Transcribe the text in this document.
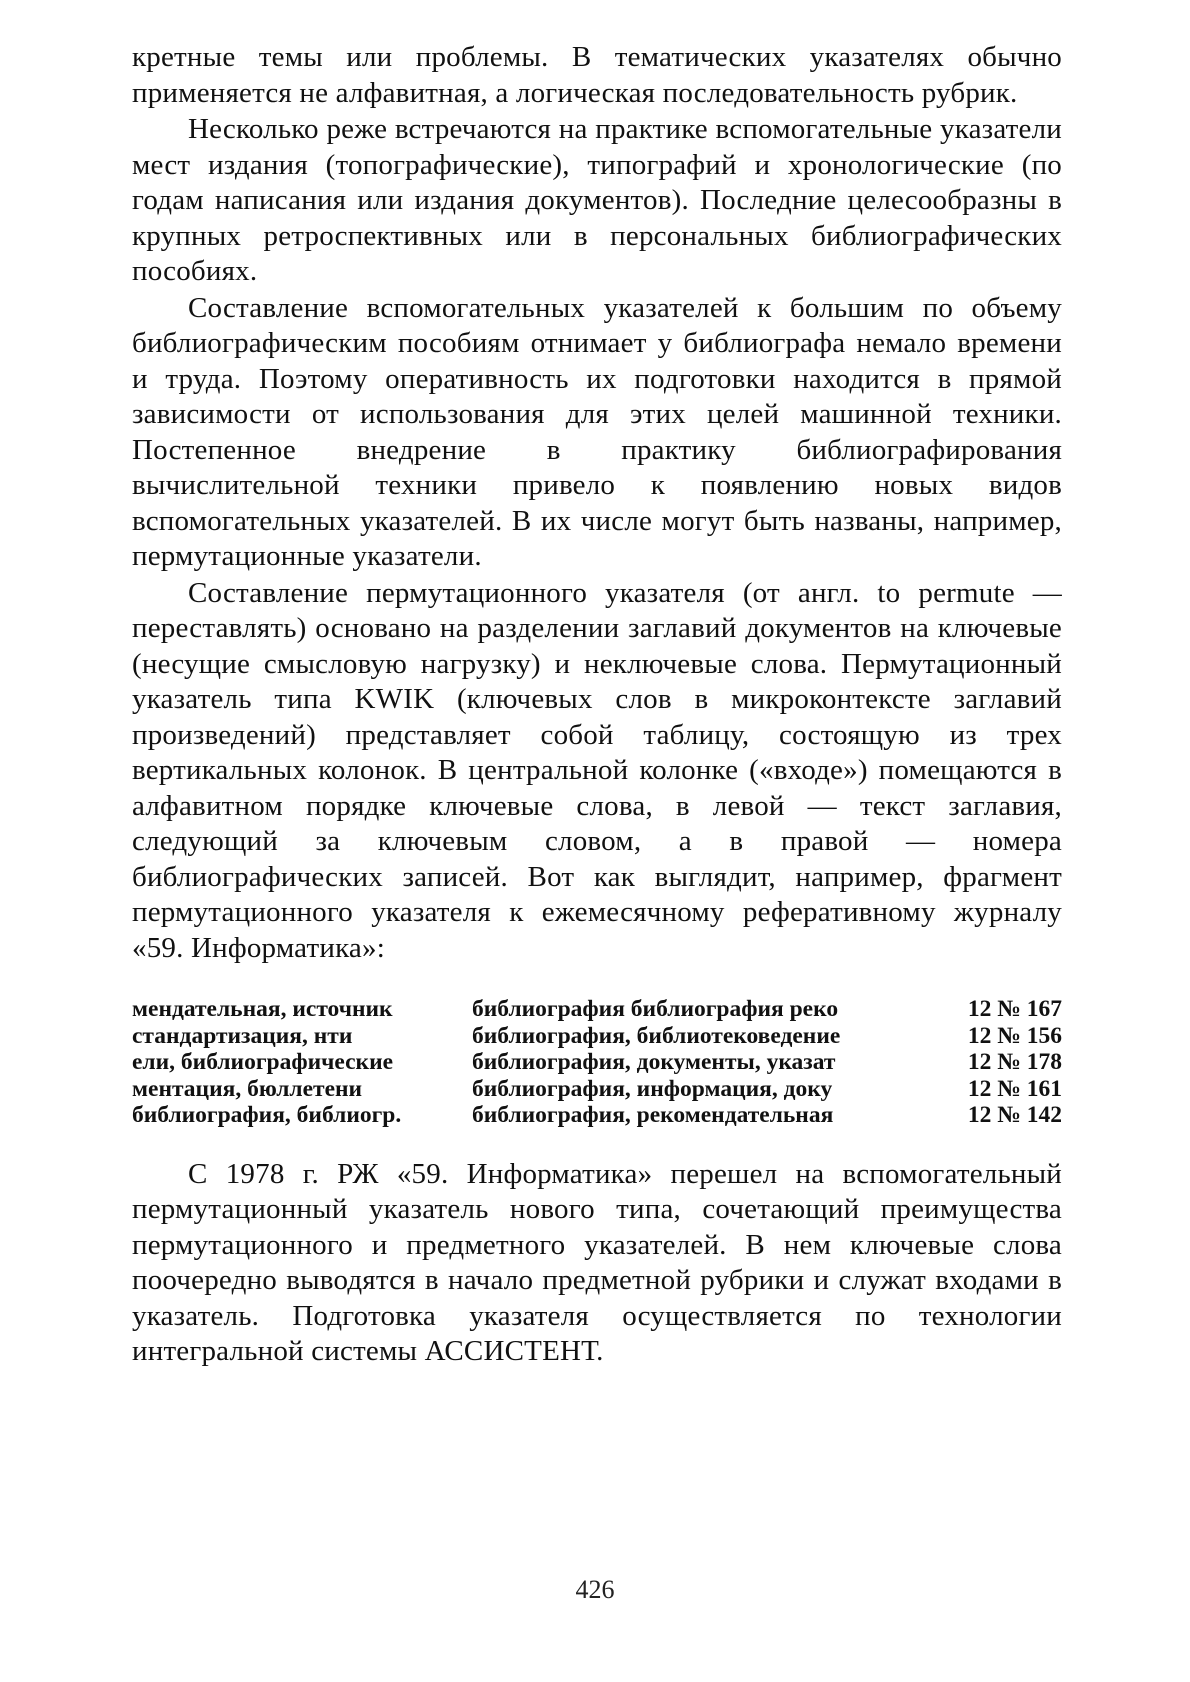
кретные темы или проблемы. В тематических указателях обычно применяется не алфавитная, а логическая последовательность рубрик.

Несколько реже встречаются на практике вспомогательные указатели мест издания (топографические), типографий и хронологические (по годам написания или издания документов). Последние целесообразны в крупных ретроспективных или в персональных библиографических пособиях.

Составление вспомогательных указателей к большим по объему библиографическим пособиям отнимает у библиографа немало времени и труда. Поэтому оперативность их подготовки находится в прямой зависимости от использования для этих целей машинной техники. Постепенное внедрение в практику библиографирования вычислительной техники привело к появлению новых видов вспомогательных указателей. В их числе могут быть названы, например, пермутационные указатели.

Составление пермутационного указателя (от англ. to permute — переставлять) основано на разделении заглавий документов на ключевые (несущие смысловую нагрузку) и неключевые слова. Пермутационный указатель типа KWIK (ключевых слов в микроконтексте заглавий произведений) представляет собой таблицу, состоящую из трех вертикальных колонок. В центральной колонке («входе») помещаются в алфавитном порядке ключевые слова, в левой — текст заглавия, следующий за ключевым словом, а в правой — номера библиографических записей. Вот как выглядит, например, фрагмент пермутационного указателя к ежемесячному реферативному журналу «59. Информатика»:

мендательная, источник	библиография библиография реко	12 № 167
стандартизация, нти	библиография, библиотековедение	12 № 156
ели, библиографические	библиография, документы, указат	12 № 178
ментация, бюллетени	библиография, информация, доку	12 № 161
библиография, библиогр.	библиография, рекомендательная	12 № 142

С 1978 г. РЖ «59. Информатика» перешел на вспомогательный пермутационный указатель нового типа, сочетающий преимущества пермутационного и предметного указателей. В нем ключевые слова поочередно выводятся в начало предметной рубрики и служат входами в указатель. Подготовка указателя осуществляется по технологии интегральной системы АССИСТЕНТ.

426
